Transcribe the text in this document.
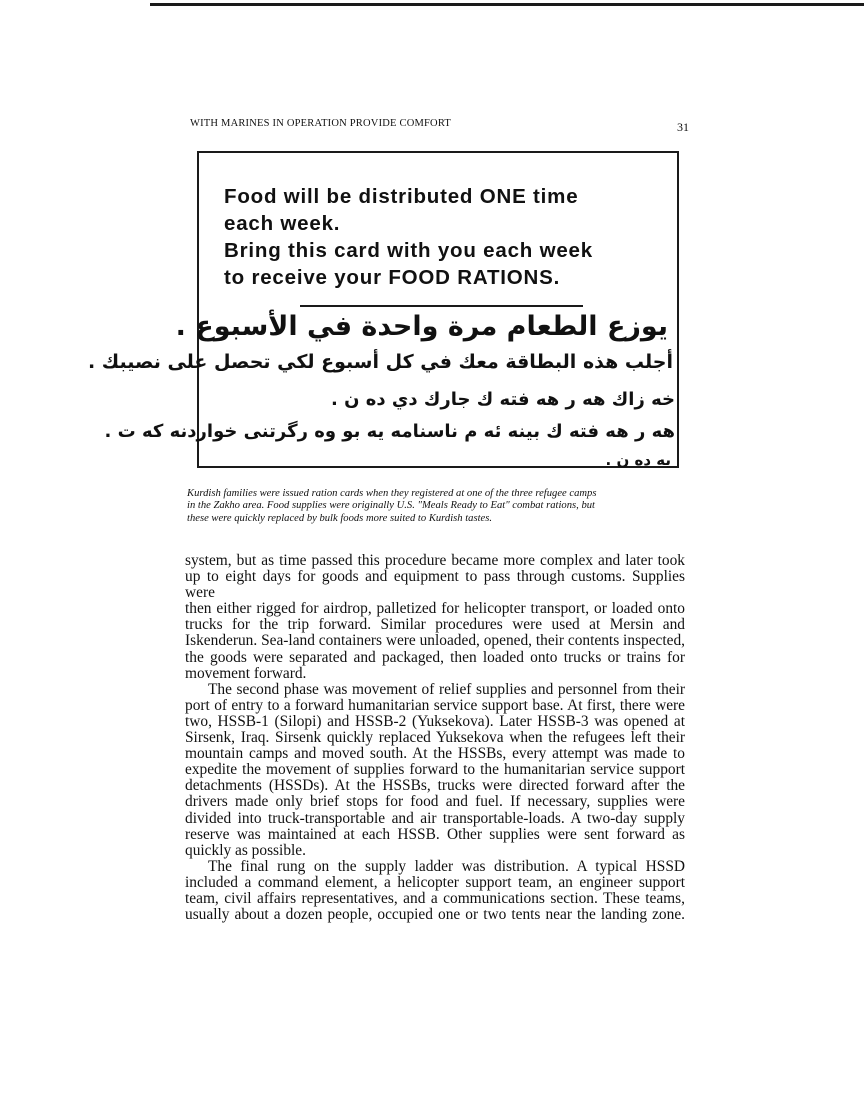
WITH MARINES IN OPERATION PROVIDE COMFORT	31
Food will be distributed ONE time
each week.
Bring this card with you each week
to receive your FOOD RATIONS.
يوزع الطعام مرة واحدة في الأسبوع .
أجلب هذه البطاقة معك في كل أسبوع لكي تحصل على نصيبك .
خه زاك هه ر هه فته ك جارك دي ده ن .
هه ر هه فته ك بينه ئه م ناسنامه يه بو وه رگرتنی خواردنه كه ت .
يه ده ن .
Kurdish families were issued ration cards when they registered at one of the three refugee camps
in the Zakho area. Food supplies were originally U.S. "Meals Ready to Eat" combat rations, but
these were quickly replaced by bulk foods more suited to Kurdish tastes.
system, but as time passed this procedure became more complex and later took
up to eight days for goods and equipment to pass through customs. Supplies were
then either rigged for airdrop, palletized for helicopter transport, or loaded onto
trucks for the trip forward. Similar procedures were used at Mersin and
Iskenderun. Sea-land containers were unloaded, opened, their contents inspected,
the goods were separated and packaged, then loaded onto trucks or trains for
movement forward.
The second phase was movement of relief supplies and personnel from their
port of entry to a forward humanitarian service support base. At first, there were
two, HSSB-1 (Silopi) and HSSB-2 (Yuksekova). Later HSSB-3 was opened at
Sirsenk, Iraq. Sirsenk quickly replaced Yuksekova when the refugees left their
mountain camps and moved south. At the HSSBs, every attempt was made to
expedite the movement of supplies forward to the humanitarian service support
detachments (HSSDs). At the HSSBs, trucks were directed forward after the
drivers made only brief stops for food and fuel. If necessary, supplies were
divided into truck-transportable and air transportable-loads. A two-day supply
reserve was maintained at each HSSB. Other supplies were sent forward as
quickly as possible.
The final rung on the supply ladder was distribution. A typical HSSD
included a command element, a helicopter support team, an engineer support
team, civil affairs representatives, and a communications section. These teams,
usually about a dozen people, occupied one or two tents near the landing zone.
